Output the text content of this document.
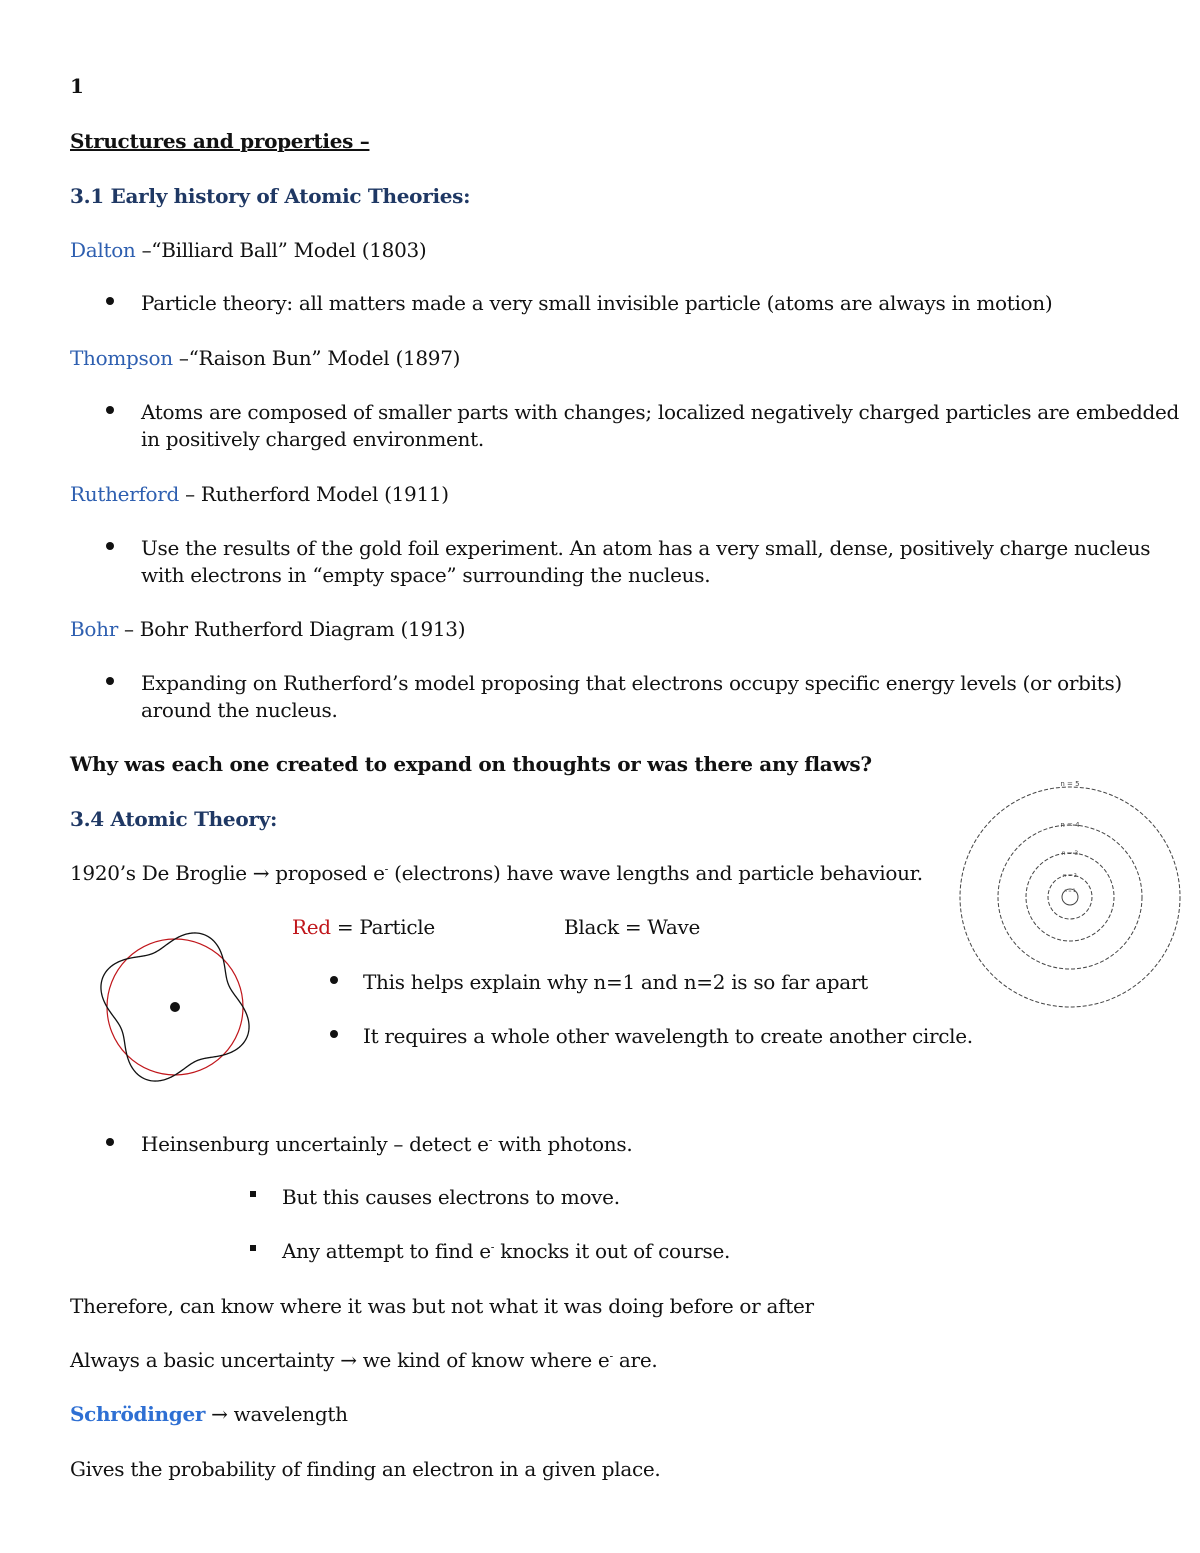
1
Structures and properties –
3.1 Early history of Atomic Theories:
Dalton –“Billiard Ball” Model (1803)
Particle theory: all matters made a very small invisible particle (atoms are always in motion)
Thompson –“Raison Bun” Model (1897)
Atoms are composed of smaller parts with changes; localized negatively charged particles are embedded
in positively charged environment.
Rutherford – Rutherford Model (1911)
Use the results of the gold foil experiment. An atom has a very small, dense, positively charge nucleus
with electrons in “empty space” surrounding the nucleus.
Bohr – Bohr Rutherford Diagram (1913)
Expanding on Rutherford’s model proposing that electrons occupy specific energy levels (or orbits)
around the nucleus.
Why was each one created to expand on thoughts or was there any flaws?
3.4 Atomic Theory:
1920’s De Broglie → proposed e- (electrons) have wave lengths and particle behaviour.
Red = Particle	Black = Wave
This helps explain why n=1 and n=2 is so far apart
It requires a whole other wavelength to create another circle.
n = 5
n = 4
n = 3
n = 2
n = 1
Heinsenburg uncertainly – detect e- with photons.
But this causes electrons to move.
Any attempt to find e- knocks it out of course.
Therefore, can know where it was but not what it was doing before or after
Always a basic uncertainty → we kind of know where e- are.
Schrödinger → wavelength
Gives the probability of finding an electron in a given place.
